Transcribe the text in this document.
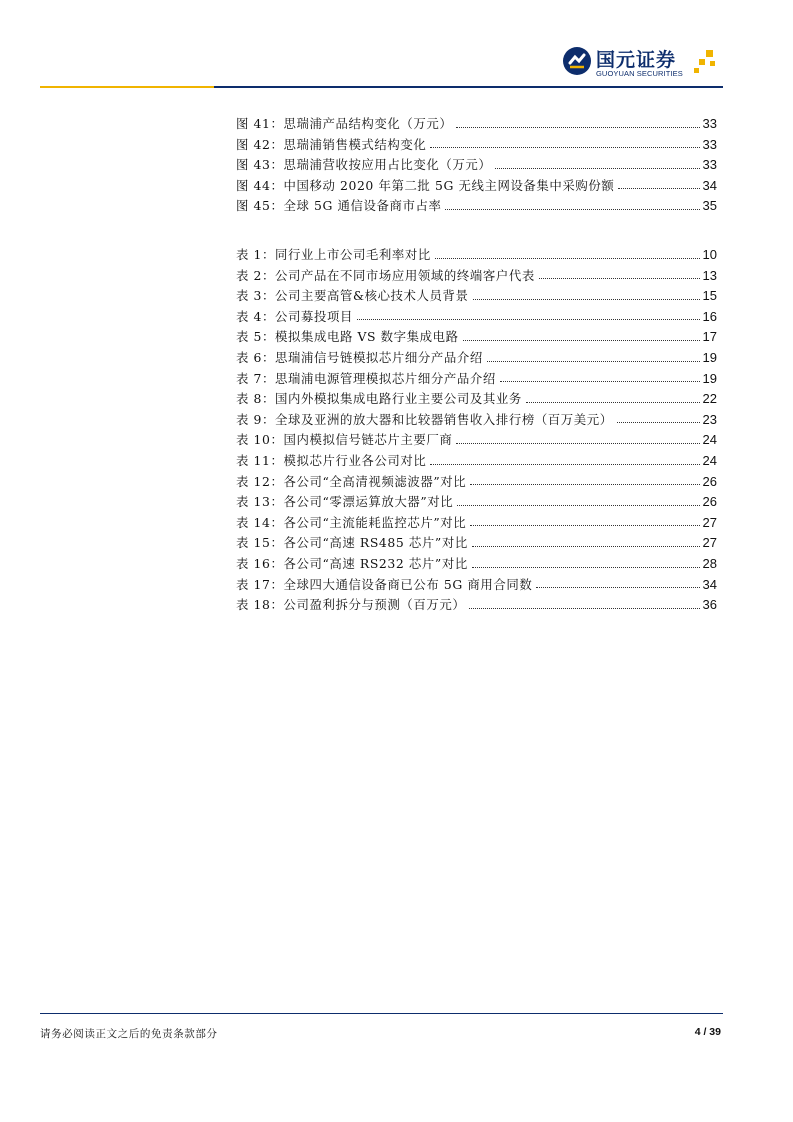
国元证券
GUOYUAN SECURITIES
图 41：思瑞浦产品结构变化（万元）	33
图 42：思瑞浦销售模式结构变化	33
图 43：思瑞浦营收按应用占比变化（万元）	33
图 44：中国移动 2020 年第二批 5G 无线主网设备集中采购份额	34
图 45：全球 5G 通信设备商市占率	35
表 1：同行业上市公司毛利率对比	10
表 2：公司产品在不同市场应用领域的终端客户代表	13
表 3：公司主要高管&核心技术人员背景	15
表 4：公司募投项目	16
表 5：模拟集成电路 VS 数字集成电路	17
表 6：思瑞浦信号链模拟芯片细分产品介绍	19
表 7：思瑞浦电源管理模拟芯片细分产品介绍	19
表 8：国内外模拟集成电路行业主要公司及其业务	22
表 9：全球及亚洲的放大器和比较器销售收入排行榜（百万美元）	23
表 10：国内模拟信号链芯片主要厂商	24
表 11：模拟芯片行业各公司对比	24
表 12：各公司“全高清视频滤波器”对比	26
表 13：各公司“零漂运算放大器”对比	26
表 14：各公司“主流能耗监控芯片”对比	27
表 15：各公司“高速 RS485 芯片”对比	27
表 16：各公司“高速 RS232 芯片”对比	28
表 17：全球四大通信设备商已公布 5G 商用合同数	34
表 18：公司盈利拆分与预测（百万元）	36
请务必阅读正文之后的免责条款部分	4 / 39
